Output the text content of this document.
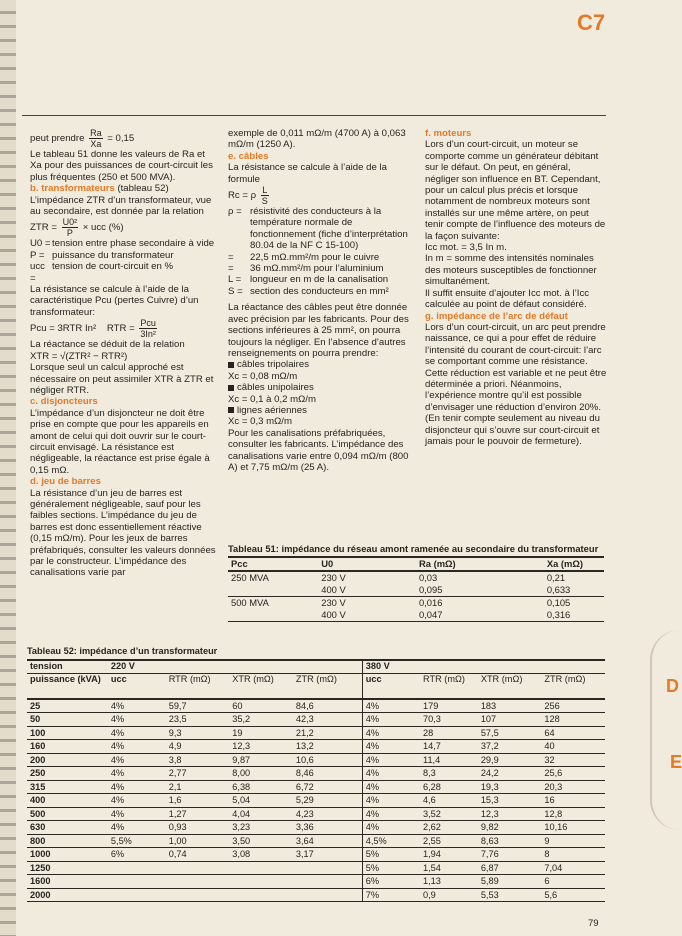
C7
D
E

peut prendre $\frac{Ra}{Xa} = 0,15$

Le tableau 51 donne les valeurs de Ra et Xa pour des puissances de court-circuit les plus fréquentes (250 et 500 MVA).

b. transformateurs (tableau 52)

L’impédance ZTR d’un transformateur, vue au secondaire, est donnée par la relation

ZTR = $\frac{\text{U0²}}{P}$ × ucc (%)

U0 = tension entre phase secondaire à vide
P = puissance du transformateur
ucc =
tension de court-circuit en %

La résistance se calcule à l’aide de la caractéristique Pcu (pertes Cuivre) d’un transformateur:

Pcu = 3RTR In² RTR = $\frac{\text{Pcu}}{\text{3In²}}$

La réactance se déduit de la relation

XTR = √(ZTR² − RTR²)

Lorsque seul un calcul approché est nécessaire on peut assimiler XTR à ZTR et négliger RTR.

c. disjoncteurs

L’impédance d’un disjoncteur ne doit être prise en compte que pour les appareils en amont de celui qui doit ouvrir sur le court-circuit envisagé. La résistance est négligeable, la réactance est prise égale à 0,15 mΩ.

d. jeu de barres

La résistance d’un jeu de barres est généralement négligeable, sauf pour les faibles sections. L’impédance du jeu de barres est donc essentiellement réactive (0,15 mΩ/m). Pour les jeux de barres préfabriqués, consulter les valeurs données par le constructeur. L’impédance des canalisations varie par

exemple de 0,011 mΩ/m (4700 A) à 0,063 mΩ/m (1250 A).

e. câbles

La résistance se calcule à l’aide de la formule

Rc = ρ $\frac{L}{S}$

ρ = résistivité des conducteurs à la température normale de fonctionnement (fiche d’interprétation 80.04 de la NF C 15-100)
=	22,5 mΩ.mm²/m pour le cuivre
=	36 mΩ.mm²/m pour l’aluminium
L = longueur en m de la canalisation
S = section des conducteurs en mm²

La réactance des câbles peut être donnée avec précision par les fabricants. Pour des sections inférieures à 25 mm², on pourra toujours la négliger. En l’absence d’autres renseignements on pourra prendre:

câbles tripolaires

Xc = 0,08 mΩ/m

câbles unipolaires

Xc = 0,1 à 0,2 mΩ/m

lignes aériennes

Xc = 0,3 mΩ/m

Pour les canalisations préfabriquées, consulter les fabricants. L’impédance des canalisations varie entre 0,094 mΩ/m (800 A) et 7,75 mΩ/m (25 A).

f. moteurs

Lors d’un court-circuit, un moteur se comporte comme un générateur débitant sur le défaut. On peut, en général, négliger son influence en BT. Cependant, pour un calcul plus précis et lorsque notamment de nombreux moteurs sont installés sur une même artère, on peut tenir compte de l’influence des moteurs de la façon suivante:

Icc mot. = 3,5 In m.

In m = somme des intensités nominales des moteurs susceptibles de fonctionner simultanément.

Il suffit ensuite d’ajouter Icc mot. à l’Icc calculée au point de défaut considéré.

g. impédance de l’arc de défaut

Lors d’un court-circuit, un arc peut prendre naissance, ce qui a pour effet de réduire l’intensité du courant de court-circuit: l’arc se comportant comme une résistance.

Cette réduction est variable et ne peut être déterminée a priori. Néanmoins, l’expérience montre qu’il est possible d’envisager une réduction d’environ 20%. (En tenir compte seulement au niveau du disjoncteur qui s’ouvre sur court-circuit et jamais pour le pouvoir de fermeture).

Tableau 51: impédance du réseau amont ramenée au secondaire du transformateur
Pcc	U0	Ra (mΩ)	Xa (mΩ)
250 MVA	230 V	0,03	0,21
	400 V	0,095	0,633
500 MVA	230 V	0,016	0,105
	400 V	0,047	0,316
Tableau 52: impédance d’un transformateur
tension	220 V				380 V			
puissance (kVA)	ucc	RTR (mΩ)	XTR (mΩ)	ZTR (mΩ)	ucc	RTR (mΩ)	XTR (mΩ)	ZTR (mΩ)
25	4%	59,7	60	84,6	4%	179	183	256
50	4%	23,5	35,2	42,3	4%	70,3	107	128
100	4%	9,3	19	21,2	4%	28	57,5	64
160	4%	4,9	12,3	13,2	4%	14,7	37,2	40
200	4%	3,8	9,87	10,6	4%	11,4	29,9	32
250	4%	2,77	8,00	8,46	4%	8,3	24,2	25,6
315	4%	2,1	6,38	6,72	4%	6,28	19,3	20,3
400	4%	1,6	5,04	5,29	4%	4,6	15,3	16
500	4%	1,27	4,04	4,23	4%	3,52	12,3	12,8
630	4%	0,93	3,23	3,36	4%	2,62	9,82	10,16
800	5,5%	1,00	3,50	3,64	4,5%	2,55	8,63	9
1000	6%	0,74	3,08	3,17	5%	1,94	7,76	8
1250					5%	1,54	6,87	7,04
1600					6%	1,13	5,89	6
2000					7%	0,9	5,53	5,6
79
